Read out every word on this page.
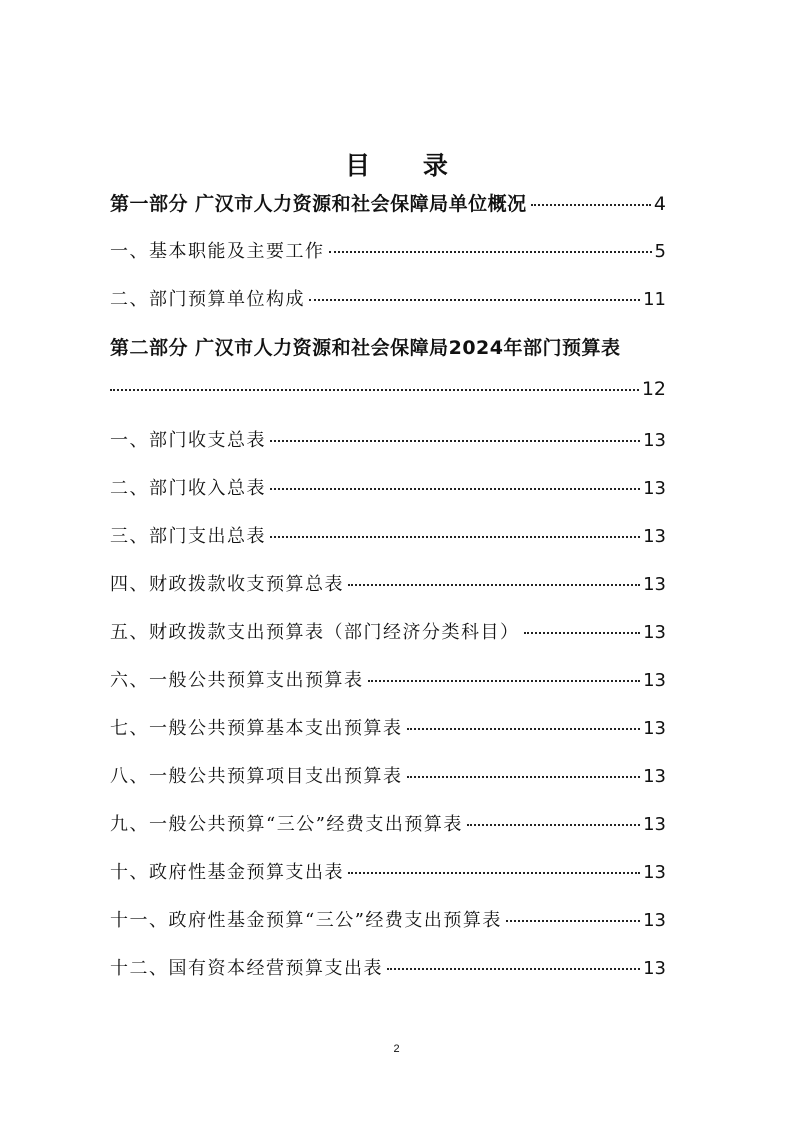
目 录
第一部分 广汉市人力资源和社会保障局单位概况	4
一、基本职能及主要工作	5
二、部门预算单位构成	11
第二部分 广汉市人力资源和社会保障局2024年部门预算表
12
一、部门收支总表	13
二、部门收入总表	13
三、部门支出总表	13
四、财政拨款收支预算总表	13
五、财政拨款支出预算表（部门经济分类科目）	13
六、一般公共预算支出预算表	13
七、一般公共预算基本支出预算表	13
八、一般公共预算项目支出预算表	13
九、一般公共预算“三公”经费支出预算表	13
十、政府性基金预算支出表	13
十一、政府性基金预算“三公”经费支出预算表	13
十二、国有资本经营预算支出表	13
2
